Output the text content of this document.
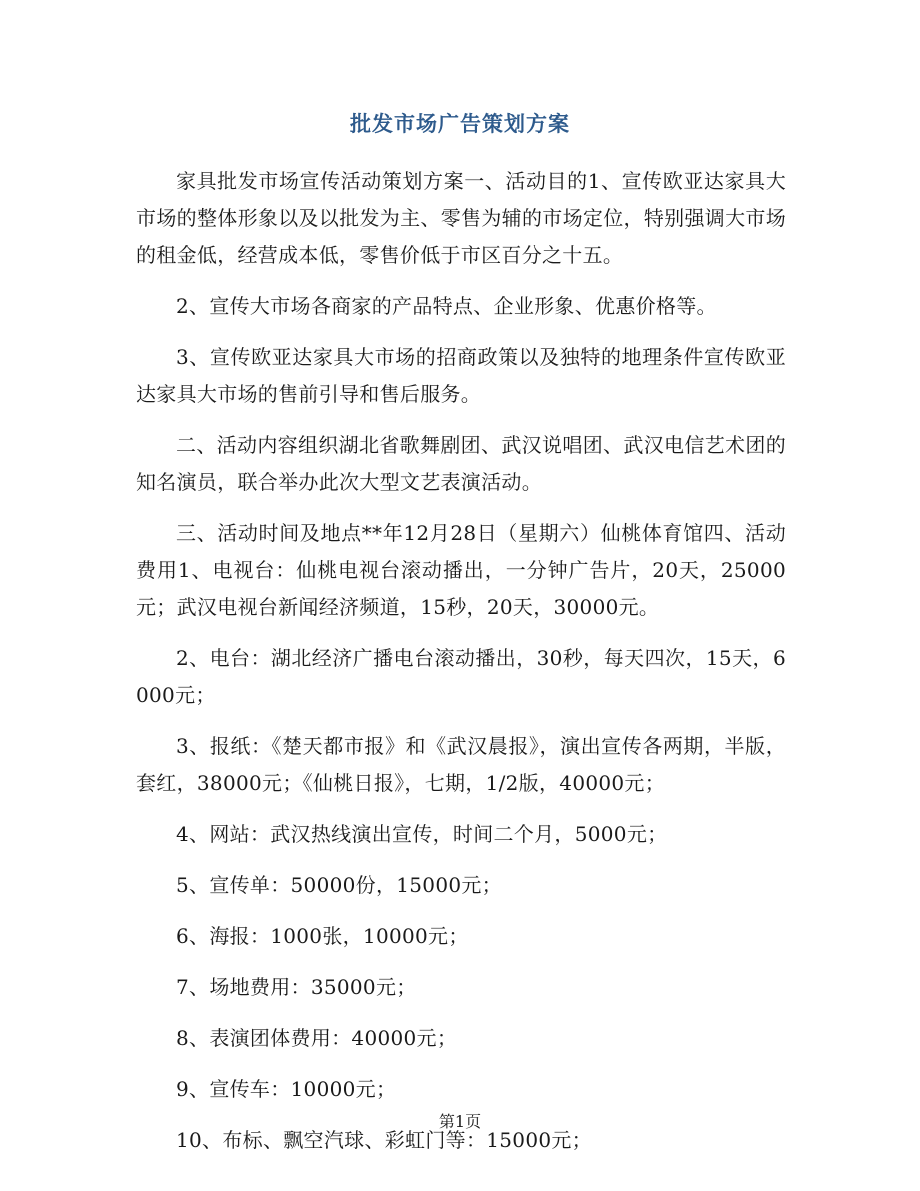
批发市场广告策划方案

家具批发市场宣传活动策划方案一、活动目的1、宣传欧亚达家具大市场的整体形象以及以批发为主、零售为辅的市场定位，特别强调大市场的租金低，经营成本低，零售价低于市区百分之十五。

2、宣传大市场各商家的产品特点、企业形象、优惠价格等。

3、宣传欧亚达家具大市场的招商政策以及独特的地理条件宣传欧亚达家具大市场的售前引导和售后服务。

二、活动内容组织湖北省歌舞剧团、武汉说唱团、武汉电信艺术团的知名演员，联合举办此次大型文艺表演活动。

三、活动时间及地点**年12月28日（星期六）仙桃体育馆四、活动费用1、电视台：仙桃电视台滚动播出，一分钟广告片，20天，25000元；武汉电视台新闻经济频道，15秒，20天，30000元。

2、电台：湖北经济广播电台滚动播出，30秒，每天四次，15天，6000元；

3、报纸：《楚天都市报》和《武汉晨报》，演出宣传各两期，半版，套红，38000元；《仙桃日报》，七期，1/2版，40000元；

4、网站：武汉热线演出宣传，时间二个月，5000元；

5、宣传单：50000份，15000元；

6、海报：1000张，10000元；

7、场地费用：35000元；

8、表演团体费用：40000元；

9、宣传车：10000元；

10、布标、飘空汽球、彩虹门等：15000元；

第1页
